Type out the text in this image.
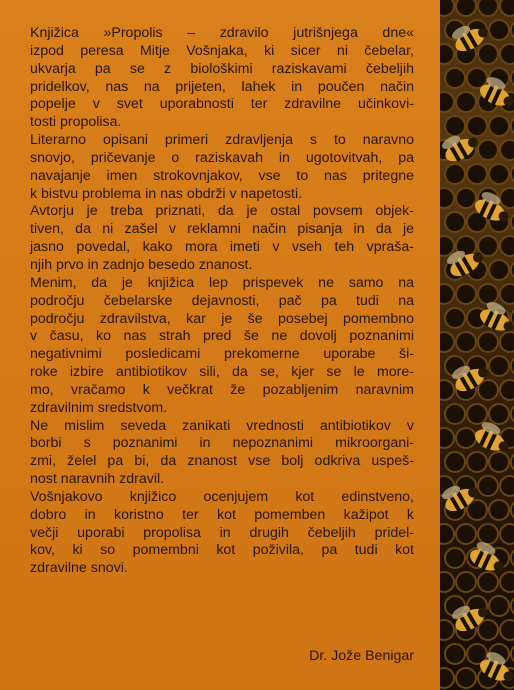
Knjižica »Propolis – zdravilo jutrišnjega dne«
izpod peresa Mitje Vošnjaka, ki sicer ni čebelar,
ukvarja pa se z biološkimi raziskavami čebeljih
pridelkov, nas na prijeten, lahek in poučen način
popelje v svet uporabnosti ter zdravilne učinkovi-
tosti propolisa.

Literarno opisani primeri zdravljenja s to naravno
snovjo, pričevanje o raziskavah in ugotovitvah, pa
navajanje imen strokovnjakov, vse to nas pritegne
k bistvu problema in nas obdrži v napetosti.

Avtorju je treba priznati, da je ostal povsem objek-
tiven, da ni zašel v reklamni način pisanja in da je
jasno povedal, kako mora imeti v vseh teh vpraša-
njih prvo in zadnjo besedo znanost.

Menim, da je knjižica lep prispevek ne samo na
področju čebelarske dejavnosti, pač pa tudi na
področju zdravilstva, kar je še posebej pomembno
v času, ko nas strah pred še ne dovolj poznanimi
negativnimi posledicami prekomerne uporabe ši-
roke izbire antibiotikov sili, da se, kjer se le more-
mo, vračamo k večkrat že pozabljenim naravnim
zdravilnim sredstvom.

Ne mislim seveda zanikati vrednosti antibiotikov v
borbi s poznanimi in nepoznanimi mikroorgani-
zmi, želel pa bi, da znanost vse bolj odkriva uspeš-
nost naravnih zdravil.

Vošnjakovo knjižico ocenjujem kot edinstveno,
dobro in koristno ter kot pomemben kažipot k
večji uporabi propolisa in drugih čebeljih pridel-
kov, ki so pomembni kot poživila, pa tudi kot
zdravilne snovi.

Dr. Jože Benigar
